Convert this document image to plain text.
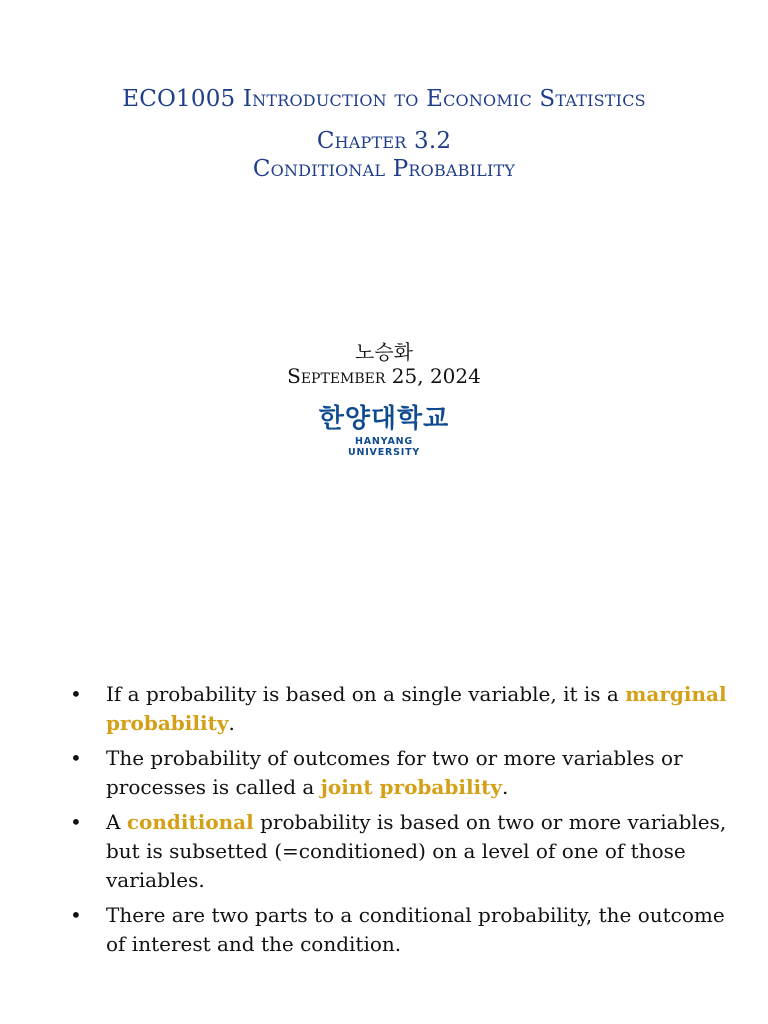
ECO1005 Introduction to Economic Statistics
Chapter 3.2
Conditional Probability
노승화
September 25, 2024
한양대학교
HANYANG UNIVERSITY
•	If a probability is based on a single variable, it is a marginal probability.
•	The probability of outcomes for two or more variables or processes is called a joint probability.
•	A conditional probability is based on two or more variables, but is subsetted (=conditioned) on a level of one of those variables.
•	There are two parts to a conditional probability, the outcome of interest and the condition.
